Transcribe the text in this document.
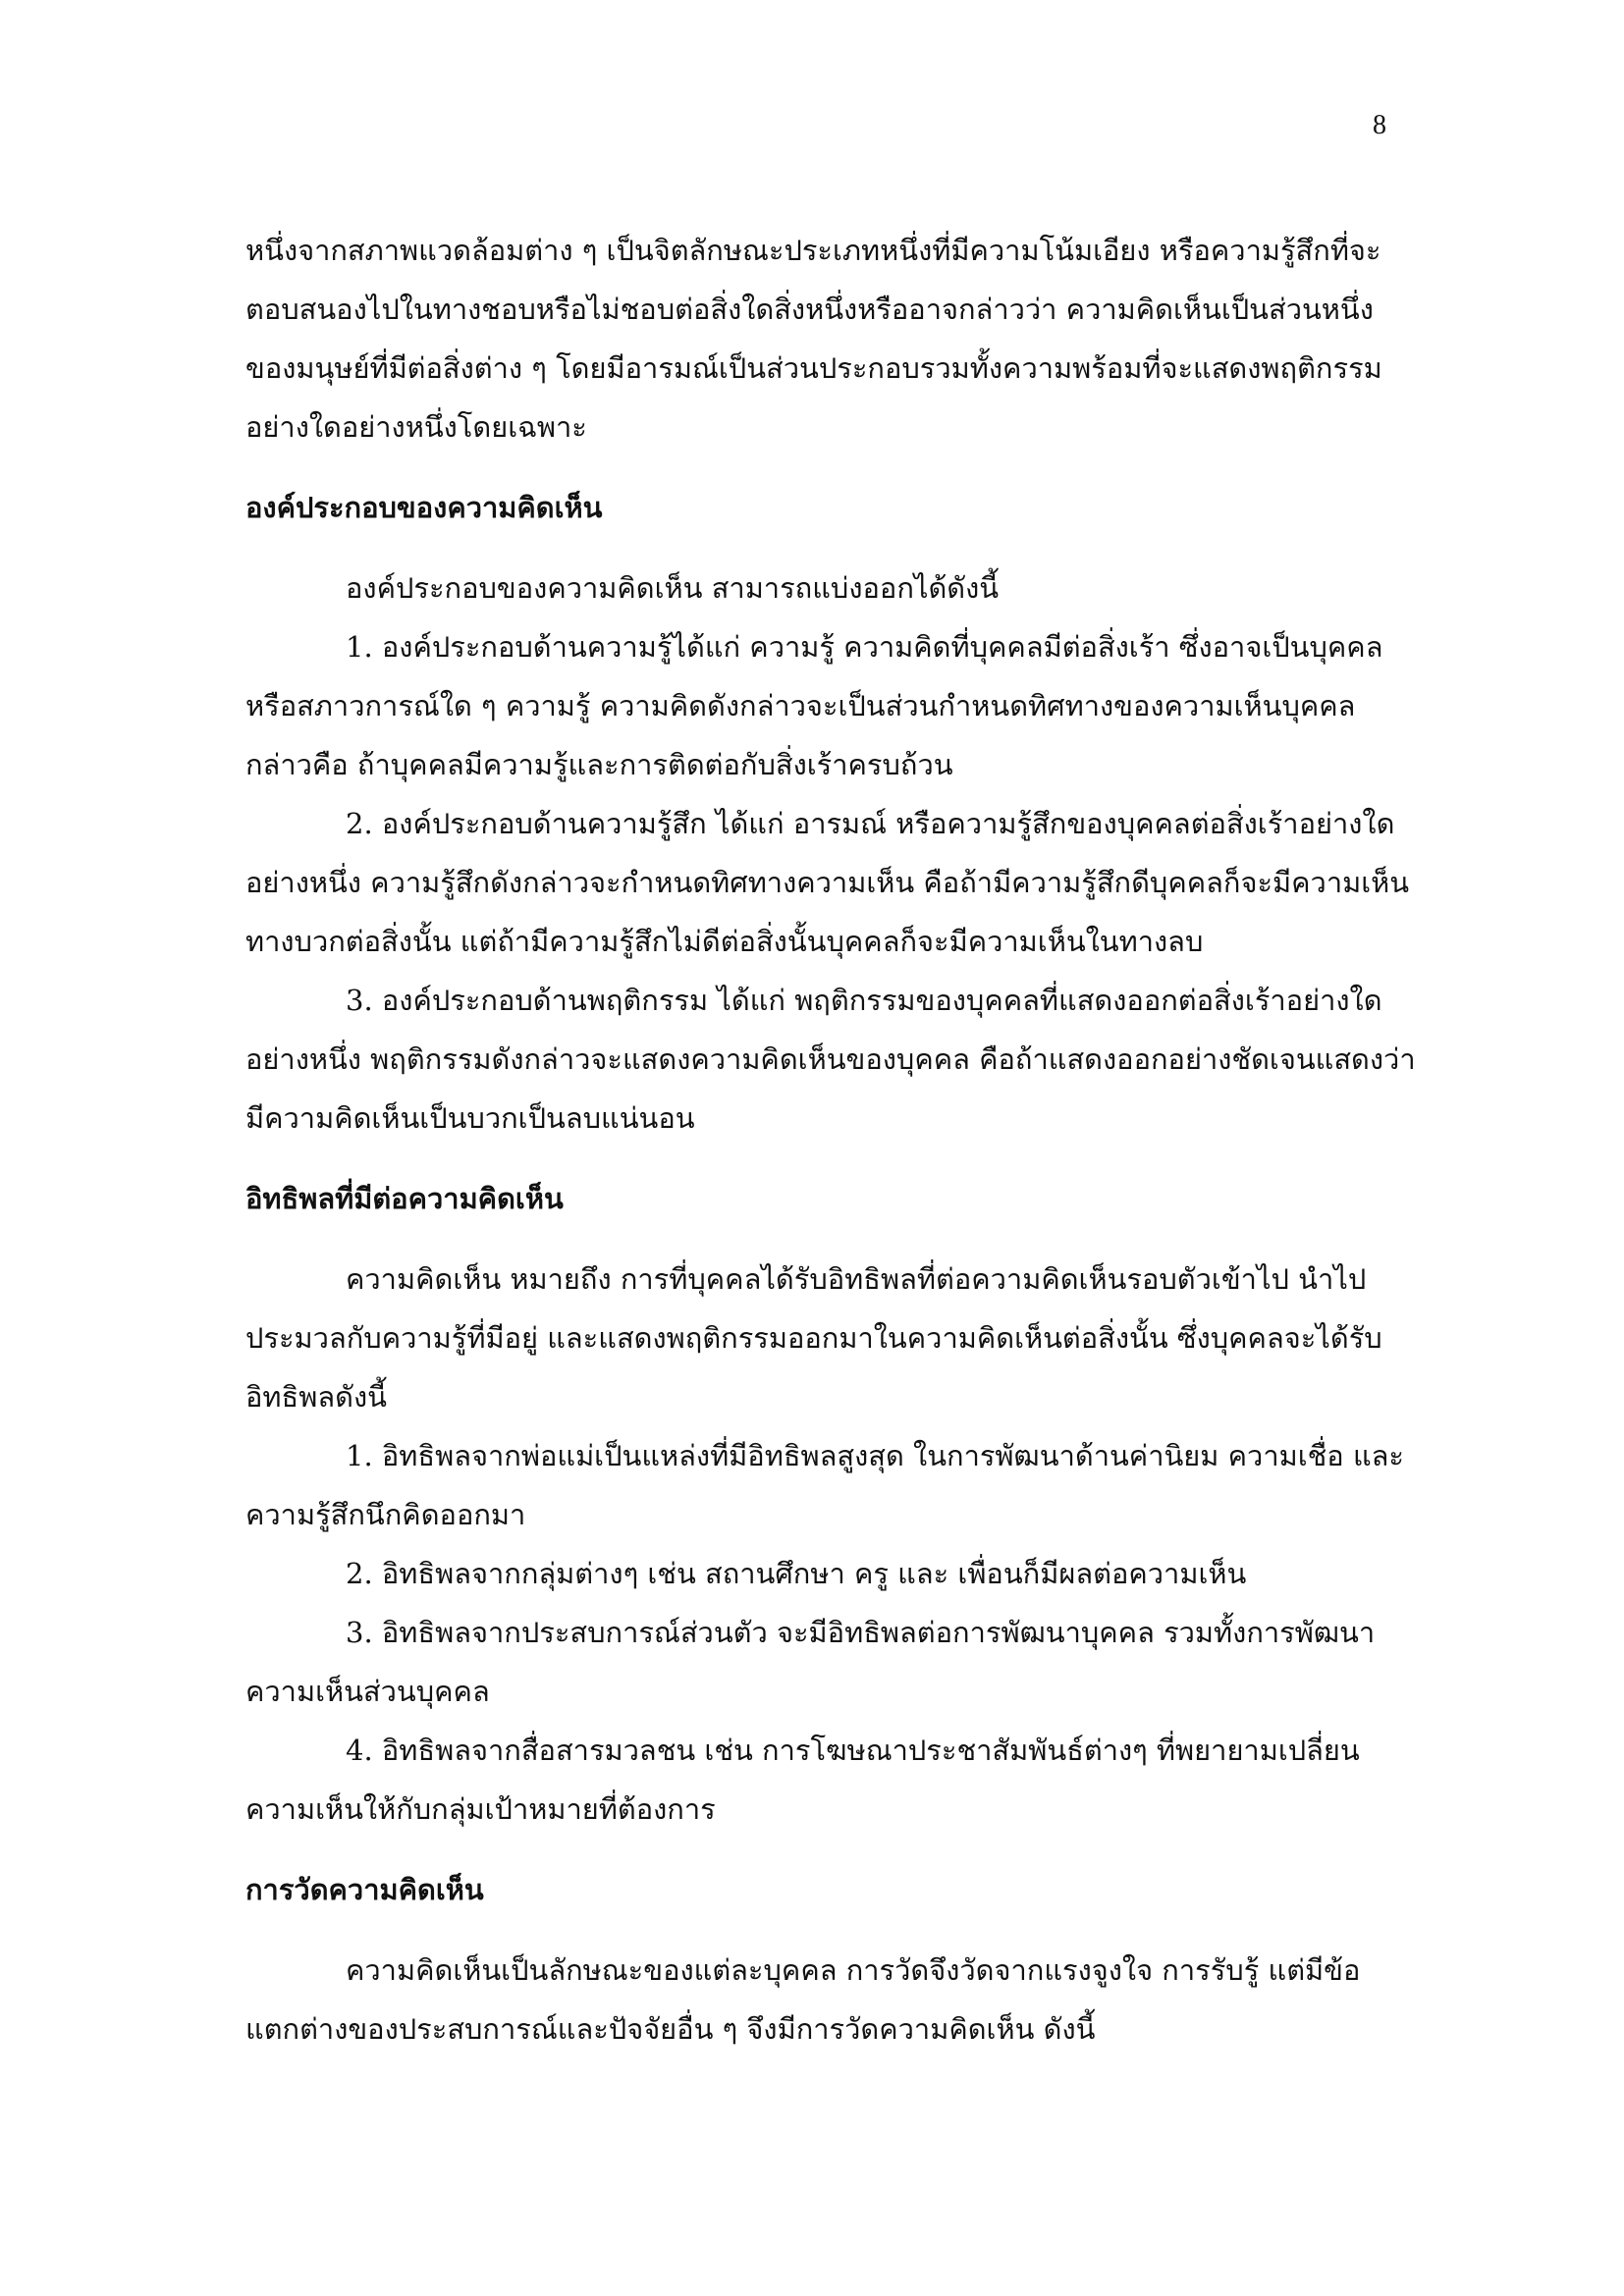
8
หนึ่งจากสภาพแวดล้อมต่าง ๆ เป็นจิตลักษณะประเภทหนึ่งที่มีความโน้มเอียง หรือความรู้สึกที่จะ
ตอบสนองไปในทางชอบหรือไม่ชอบต่อสิ่งใดสิ่งหนึ่งหรืออาจกล่าวว่า ความคิดเห็นเป็นส่วนหนึ่ง
ของมนุษย์ที่มีต่อสิ่งต่าง ๆ โดยมีอารมณ์เป็นส่วนประกอบรวมทั้งความพร้อมที่จะแสดงพฤติกรรม
อย่างใดอย่างหนึ่งโดยเฉพาะ
องค์ประกอบของความคิดเห็น
องค์ประกอบของความคิดเห็น สามารถแบ่งออกได้ดังนี้
1. องค์ประกอบด้านความรู้ได้แก่ ความรู้ ความคิดที่บุคคลมีต่อสิ่งเร้า ซึ่งอาจเป็นบุคคล
หรือสภาวการณ์ใด ๆ ความรู้ ความคิดดังกล่าวจะเป็นส่วนกำหนดทิศทางของความเห็นบุคคล
กล่าวคือ ถ้าบุคคลมีความรู้และการติดต่อกับสิ่งเร้าครบถ้วน
2. องค์ประกอบด้านความรู้สึก ได้แก่ อารมณ์ หรือความรู้สึกของบุคคลต่อสิ่งเร้าอย่างใด
อย่างหนึ่ง ความรู้สึกดังกล่าวจะกำหนดทิศทางความเห็น คือถ้ามีความรู้สึกดีบุคคลก็จะมีความเห็น
ทางบวกต่อสิ่งนั้น แต่ถ้ามีความรู้สึกไม่ดีต่อสิ่งนั้นบุคคลก็จะมีความเห็นในทางลบ
3. องค์ประกอบด้านพฤติกรรม ได้แก่ พฤติกรรมของบุคคลที่แสดงออกต่อสิ่งเร้าอย่างใด
อย่างหนึ่ง พฤติกรรมดังกล่าวจะแสดงความคิดเห็นของบุคคล คือถ้าแสดงออกอย่างชัดเจนแสดงว่า
มีความคิดเห็นเป็นบวกเป็นลบแน่นอน
อิทธิพลที่มีต่อความคิดเห็น
ความคิดเห็น หมายถึง การที่บุคคลได้รับอิทธิพลที่ต่อความคิดเห็นรอบตัวเข้าไป นำไป
ประมวลกับความรู้ที่มีอยู่ และแสดงพฤติกรรมออกมาในความคิดเห็นต่อสิ่งนั้น ซึ่งบุคคลจะได้รับ
อิทธิพลดังนี้
1. อิทธิพลจากพ่อแม่เป็นแหล่งที่มีอิทธิพลสูงสุด ในการพัฒนาด้านค่านิยม ความเชื่อ และ
ความรู้สึกนึกคิดออกมา
2. อิทธิพลจากกลุ่มต่างๆ เช่น สถานศึกษา ครู และ เพื่อนก็มีผลต่อความเห็น
3. อิทธิพลจากประสบการณ์ส่วนตัว จะมีอิทธิพลต่อการพัฒนาบุคคล รวมทั้งการพัฒนา
ความเห็นส่วนบุคคล
4. อิทธิพลจากสื่อสารมวลชน เช่น การโฆษณาประชาสัมพันธ์ต่างๆ ที่พยายามเปลี่ยน
ความเห็นให้กับกลุ่มเป้าหมายที่ต้องการ
การวัดความคิดเห็น
ความคิดเห็นเป็นลักษณะของแต่ละบุคคล การวัดจึงวัดจากแรงจูงใจ การรับรู้ แต่มีข้อ
แตกต่างของประสบการณ์และปัจจัยอื่น ๆ จึงมีการวัดความคิดเห็น ดังนี้
